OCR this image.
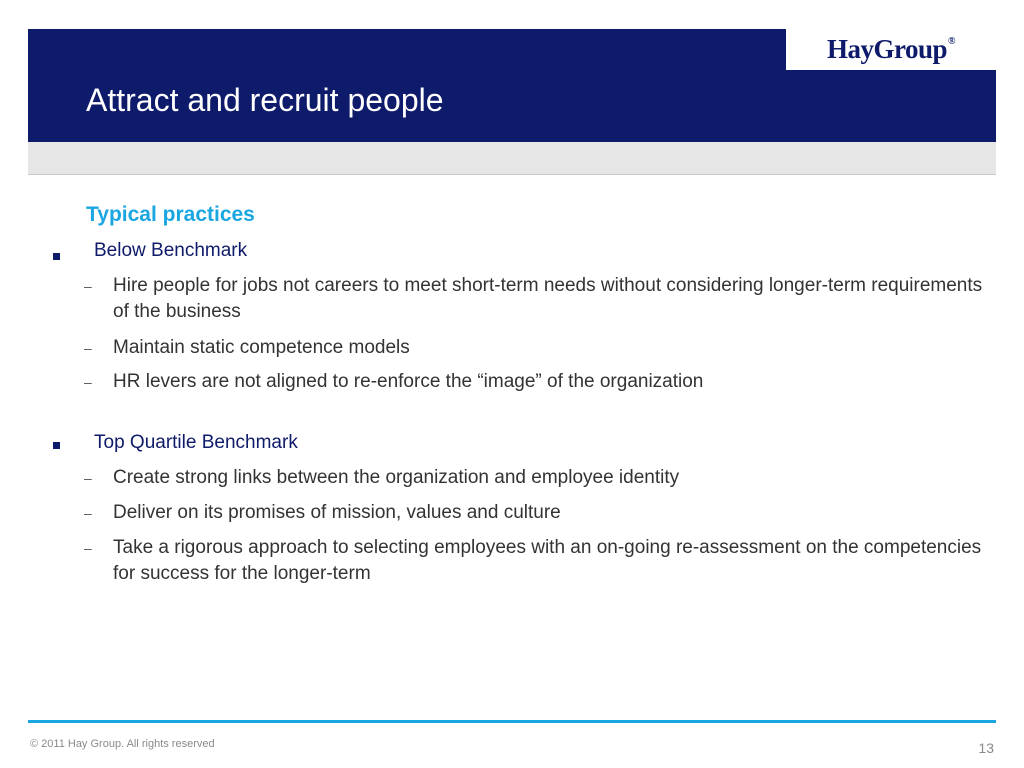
HayGroup ®
Attract and recruit people
Typical practices
Below Benchmark
– Hire people for jobs not careers to meet short-term needs without considering longer-term requirements of the business
– Maintain static competence models
– HR levers are not aligned to re-enforce the “image” of the organization
Top Quartile Benchmark
– Create strong links between the organization and employee identity
– Deliver on its promises of mission, values and culture
– Take a rigorous approach to selecting employees with an on-going re-assessment on the competencies for success for the longer-term
© 2011 Hay Group. All rights reserved	13
